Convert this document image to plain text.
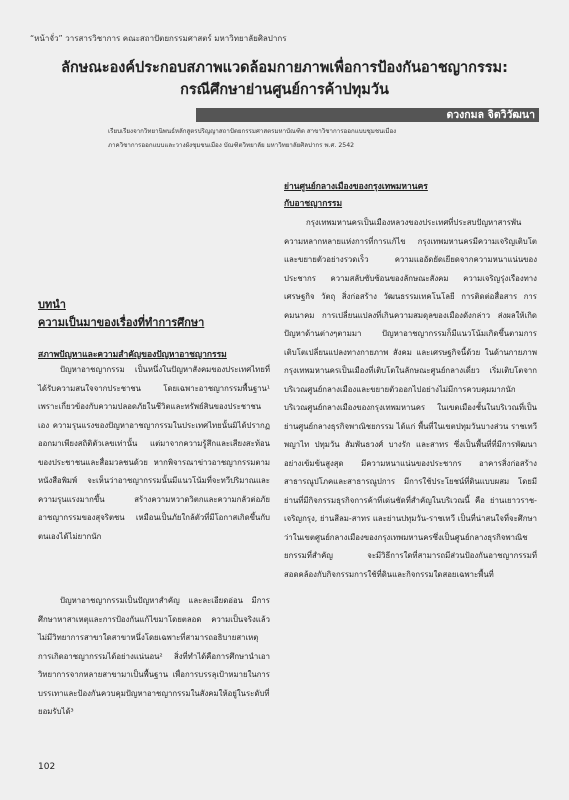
“หน้าจั่ว” วารสารวิชาการ คณะสถาปัตยกรรมศาสตร์ มหาวิทยาลัยศิลปากร
ลักษณะองค์ประกอบสภาพแวดล้อมกายภาพเพื่อการป้องกันอาชญากรรม:
กรณีศึกษาย่านศูนย์การค้าปทุมวัน
ดวงกมล จิตวิวัฒนา
เรียบเรียงจากวิทยานิพนธ์หลักสูตรปริญญาสถาปัตยกรรมศาสตรมหาบัณฑิต สาขาวิชาการออกแบบชุมชนเมือง
ภาควิชาการออกแบบและวางผังชุมชนเมือง บัณฑิตวิทยาลัย มหาวิทยาลัยศิลปากร พ.ศ. 2542
ย่านศูนย์กลางเมืองของกรุงเทพมหานคร
กับอาชญากรรม

กรุงเทพมหานครเป็นเมืองหลวงของประเทศที่ประสบปัญหาสารพัน ความหลากหลายแห่งการที่การแก้ไข กรุงเทพมหานครมีความเจริญเติบโตและขยายตัวอย่างรวดเร็ว ความแออัดยัดเยียดจากความหนาแน่นของประชากร ความสลับซับซ้อนของลักษณะสังคม ความเจริญรุ่งเรืองทางเศรษฐกิจ วัตถุ สิ่งก่อสร้าง วัฒนธรรมเทคโนโลยี การติดต่อสื่อสาร การคมนาคม การเปลี่ยนแปลงที่เกินความสมดุลของเมืองดังกล่าว ส่งผลให้เกิดปัญหาด้านต่างๆตามมา ปัญหาอาชญากรรมก็มีแนวโน้มเกิดขึ้นตามการเติบโตเปลี่ยนแปลงทางกายภาพ สังคม และเศรษฐกิจนี้ด้วย ในด้านกายภาพ กรุงเทพมหานครเป็นเมืองที่เติบโตในลักษณะศูนย์กลางเดี่ยว เริ่มเติบโตจากบริเวณศูนย์กลางเมืองและขยายตัวออกไปอย่างไม่มีการควบคุมมากนัก บริเวณศูนย์กลางเมืองของกรุงเทพมหานคร ในเขตเมืองชั้นในบริเวณที่เป็นย่านศูนย์กลางธุรกิจพาณิชยกรรม ได้แก่ พื้นที่ในเขตปทุมวันบางส่วน ราชเทวี พญาไท ปทุมวัน สัมพันธวงศ์ บางรัก และสาทร ซึ่งเป็นพื้นที่ที่มีการพัฒนาอย่างเข้มข้นสูงสุด มีความหนาแน่นของประชากร อาคารสิ่งก่อสร้าง สาธารณูปโภคและสาธารณูปการ มีการใช้ประโยชน์ที่ดินแบบผสม โดยมีย่านที่มีกิจกรรมธุรกิจการค้าที่เด่นชัดที่สำคัญในบริเวณนี้ คือ ย่านเยาวราช-เจริญกรุง, ย่านสีลม-สาทร และย่านปทุมวัน-ราชเทวี เป็นที่น่าสนใจที่จะศึกษาว่าในเขตศูนย์กลางเมืองของกรุงเทพมหานครซึ่งเป็นศูนย์กลางธุรกิจพาณิชยกรรมที่สำคัญ จะมีวิธีการใดที่สามารถมีส่วนป้องกันอาชญากรรมที่สอดคล้องกับกิจกรรมการใช้ที่ดินและกิจกรรมใดสอยเฉพาะพื้นที่

บทนำ
ความเป็นมาของเรื่องที่ทำการศึกษา
สภาพปัญหาและความสำคัญของปัญหาอาชญากรรม

ปัญหาอาชญากรรม เป็นหนึ่งในปัญหาสังคมของประเทศไทยที่ได้รับความสนใจจากประชาชน โดยเฉพาะอาชญากรรมพื้นฐาน¹ เพราะเกี่ยวข้องกับความปลอดภัยในชีวิตและทรัพย์สินของประชาชนเอง ความรุนแรงของปัญหาอาชญากรรมในประเทศไทยนั้นมิได้ปรากฏออกมาเพียงสถิติตัวเลขเท่านั้น แต่มาจากความรู้สึกและเสียงสะท้อนของประชาชนและสื่อมวลชนด้วย หากพิจารณาข่าวอาชญากรรมตามหนังสือพิมพ์ จะเห็นว่าอาชญากรรมนั้นมีแนวโน้มที่จะทวีปริมาณและความรุนแรงมากขึ้น สร้างความหวาดวิตกและความกลัวต่อภัยอาชญากรรมของสุจริตชน เหมือนเป็นภัยใกล้ตัวที่มีโอกาสเกิดขึ้นกับตนเองได้ไม่ยากนัก

ปัญหาอาชญากรรมเป็นปัญหาสำคัญ และละเอียดอ่อน มีการศึกษาหาสาเหตุและการป้องกันแก้ไขมาโดยตลอด ความเป็นจริงแล้วไม่มีวิทยาการสาขาใดสาขาหนึ่งโดยเฉพาะที่สามารถอธิบายสาเหตุการเกิดอาชญากรรมได้อย่างแน่นอน² สิ่งที่ทำได้คือการศึกษานำเอาวิทยาการจากหลายสาขามาเป็นพื้นฐาน เพื่อการบรรลุเป้าหมายในการบรรเทาและป้องกันควบคุมปัญหาอาชญากรรมในสังคมให้อยู่ในระดับที่ยอมรับได้³

102
